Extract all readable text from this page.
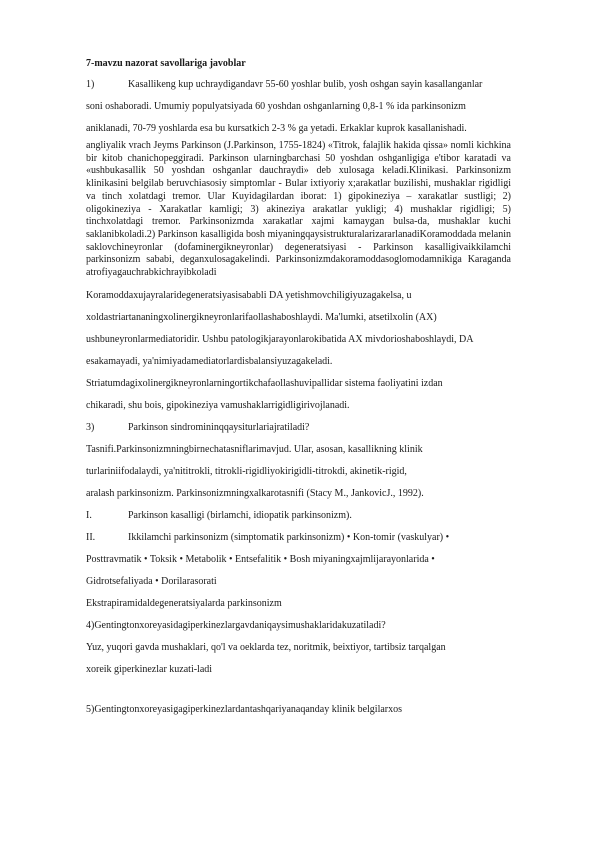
7-mavzu nazorat savollariga javoblar
1)	Kasallikeng kup uchraydigandavr 55-60 yoshlar bulib, yosh oshgan sayin kasallanganlar
soni oshaboradi. Umumiy populyatsiyada 60 yoshdan oshganlarning 0,8-1 % ida parkinsonizm
aniklanadi, 70-79 yoshlarda esa bu kursatkich 2-3 % ga yetadi. Erkaklar kuprok kasallanishadi.
angliyalik vrach Jeyms Parkinson (J.Parkinson, 1755-1824) «Titrok, falajlik hakida qissa» nomli kichkina bir kitob chanichopeggiradi. Parkinson ularningbarchasi 50 yoshdan oshganligiga e'tibor karatadi va «ushbukasallik 50 yoshdan oshganlar dauchraydi» deb xulosaga keladi.Klinikasi. Parkinsonizm klinikasini belgilab beruvchiasosiy simptomlar - Bular ixtiyoriy x;arakatlar buzilishi, mushaklar rigidligi va tinch xolatdagi tremor. Ular Kuyidagilardan iborat: 1) gipokineziya – xarakatlar sustligi; 2) oligokineziya - Xarakatlar kamligi; 3) akineziya arakatlar yukligi; 4) mushaklar rigidligi; 5) tinchxolatdagi tremor. Parkinsonizmda xarakatlar xajmi kamaygan bulsa-da, mushaklar kuchi saklanibkoladi.2) Parkinson kasalligida bosh miyaningqaysistrukturalarizararlanadiKoramoddada melanin saklovchineyronlar (dofaminergikneyronlar) degeneratsiyasi - Parkinson kasalligivaikkilamchi parkinsonizm sababi, deganxulosagakelindi. Parkinsonizmdakoramoddasoglomodamnikiga Karaganda atrofiyagauchrabkichrayibkoladi
Koramoddaxujayralaridegeneratsiyasisababli DA yetishmovchiligiyuzagakelsa, u
xoldastriartananingxolinergikneyronlarifaollashaboshlaydi. Ma'lumki, atsetilxolin (AX)
ushbuneyronlarmediatoridir. Ushbu patologikjarayonlarokibatida AX mivdorioshaboshlaydi, DA
esakamayadi, ya'nimiyadamediatorlardisbalansiyuzagakeladi.
Striatumdagixolinergikneyronlarningortikchafaollashuvipallidar sistema faoliyatini izdan
chikaradi, shu bois, gipokineziya vamushaklarrigidligirivojlanadi.
3)	Parkinson sindromininqqaysiturlariajratiladi?
Tasnifi.Parkinsonizmningbirnechatasniflarimavjud. Ular, asosan, kasallikning klinik
turlariniifodalaydi, ya'nititrokli, titrokli-rigidliyokirigidli-titrokdi, akinetik-rigid,
aralash parkinsonizm. Parkinsonizmningxalkarotasnifi (Stacy M., JankovicJ., 1992).
I.	Parkinson kasalligi (birlamchi, idiopatik parkinsonizm).
II.	Ikkilamchi parkinsonizm (simptomatik parkinsonizm) • Kon-tomir (vaskulyar) •
Posttravmatik • Toksik • Metabolik • Entsefalitik • Bosh miyaningxajmlijarayonlarida •
Gidrotsefaliyada • Dorilarasorati
Ekstrapiramidaldegeneratsiyalarda parkinsonizm
4)Gentingtonxoreyasidagiperkinezlargavdaniqaysimushaklaridakuzatiladi?
Yuz, yuqori gavda mushaklari, qo'l va oeklarda tez, noritmik, beixtiyor, tartibsiz tarqalgan
xoreik giperkinezlar kuzati-ladi
5)Gentingtonxoreyasigagiperkinezlardantashqariyanaqanday klinik belgilarxos
